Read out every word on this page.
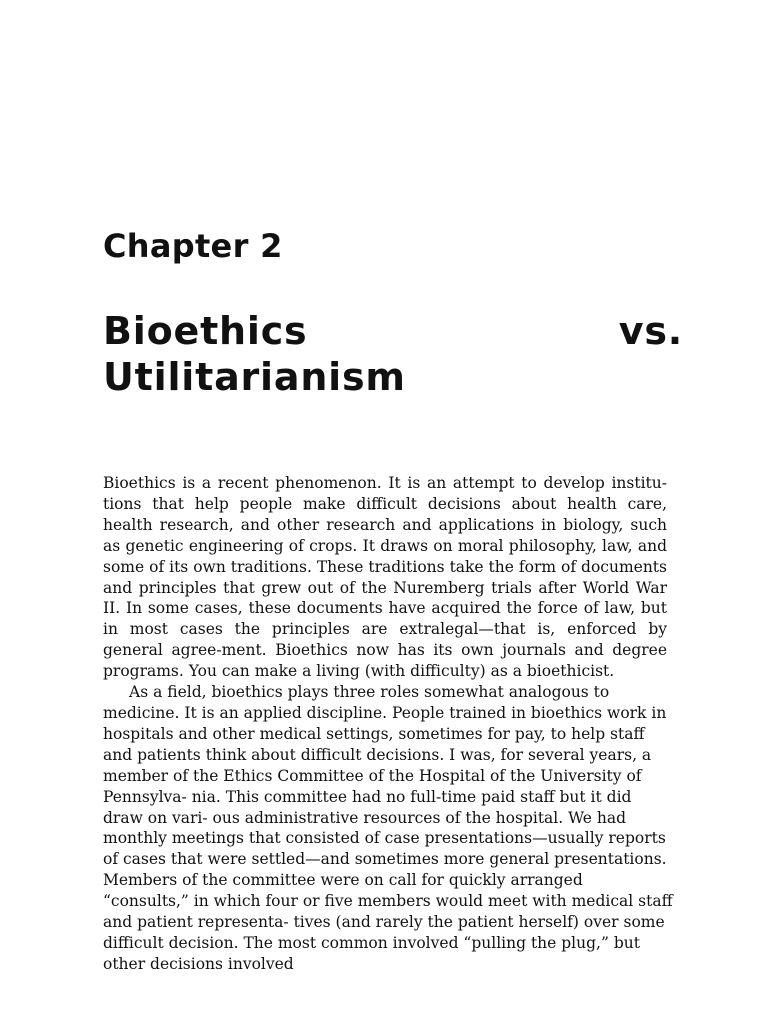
Chapter 2
Bioethics	vs.
Utilitarianism

Bioethics is a recent phenomenon. It is an attempt to develop institu-tions that help people make difficult decisions about health care, health research, and other research and applications in biology, such as genetic engineering of crops. It draws on moral philosophy, law, and some of its own traditions. These traditions take the form of documents and principles that grew out of the Nuremberg trials after World War II. In some cases, these documents have acquired the force of law, but in most cases the principles are extralegal—that is, enforced by general agree-ment. Bioethics now has its own journals and degree programs. You can make a living (with difficulty) as a bioethicist.

As a field, bioethics plays three roles somewhat analogous to medicine. It is an applied discipline. People trained in bioethics work in hospitals and other medical settings, sometimes for pay, to help staff and patients think about difficult decisions. I was, for several years, a member of the Ethics Committee of the Hospital of the University of Pennsylva- nia. This committee had no full-time paid staff but it did draw on vari- ous administrative resources of the hospital. We had monthly meetings that consisted of case presentations—usually reports of cases that were settled—and sometimes more general presentations. Members of the committee were on call for quickly arranged “consults,” in which four or five members would meet with medical staff and patient representa- tives (and rarely the patient herself) over some difficult decision. The most common involved “pulling the plug,” but other decisions involved
